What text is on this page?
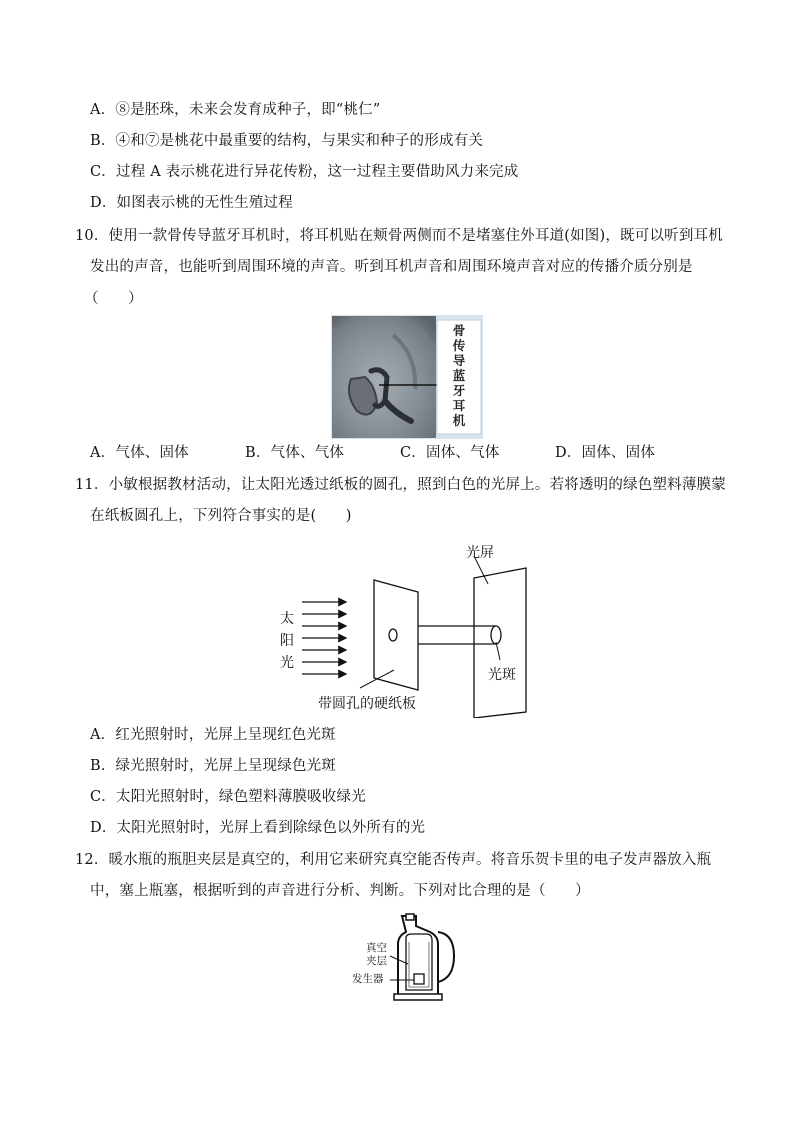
A．⑧是胚珠，未来会发育成种子，即“桃仁”
B．④和⑦是桃花中最重要的结构，与果实和种子的形成有关
C．过程 A 表示桃花进行异花传粉，这一过程主要借助风力来完成
D．如图表示桃的无性生殖过程
10．使用一款骨传导蓝牙耳机时，将耳机贴在颊骨两侧而不是堵塞住外耳道(如图)，既可以听到耳机
发出的声音，也能听到周围环境的声音。听到耳机声音和周围环境声音对应的传播介质分别是
（　　）
骨
传
导
蓝
牙
耳
机
A．气体、固体	B．气体、气体	C．固体、气体	D．固体、固体
11．小敏根据教材活动，让太阳光透过纸板的圆孔，照到白色的光屏上。若将透明的绿色塑料薄膜蒙
在纸板圆孔上，下列符合事实的是(　　)
光屏
太
阳
光
光斑
带圆孔的硬纸板
A．红光照射时，光屏上呈现红色光斑
B．绿光照射时，光屏上呈现绿色光斑
C．太阳光照射时，绿色塑料薄膜吸收绿光
D．太阳光照射时，光屏上看到除绿色以外所有的光
12．暖水瓶的瓶胆夹层是真空的，利用它来研究真空能否传声。将音乐贺卡里的电子发声器放入瓶
中，塞上瓶塞，根据听到的声音进行分析、判断。下列对比合理的是（　　）
真空
夹层
发生器
